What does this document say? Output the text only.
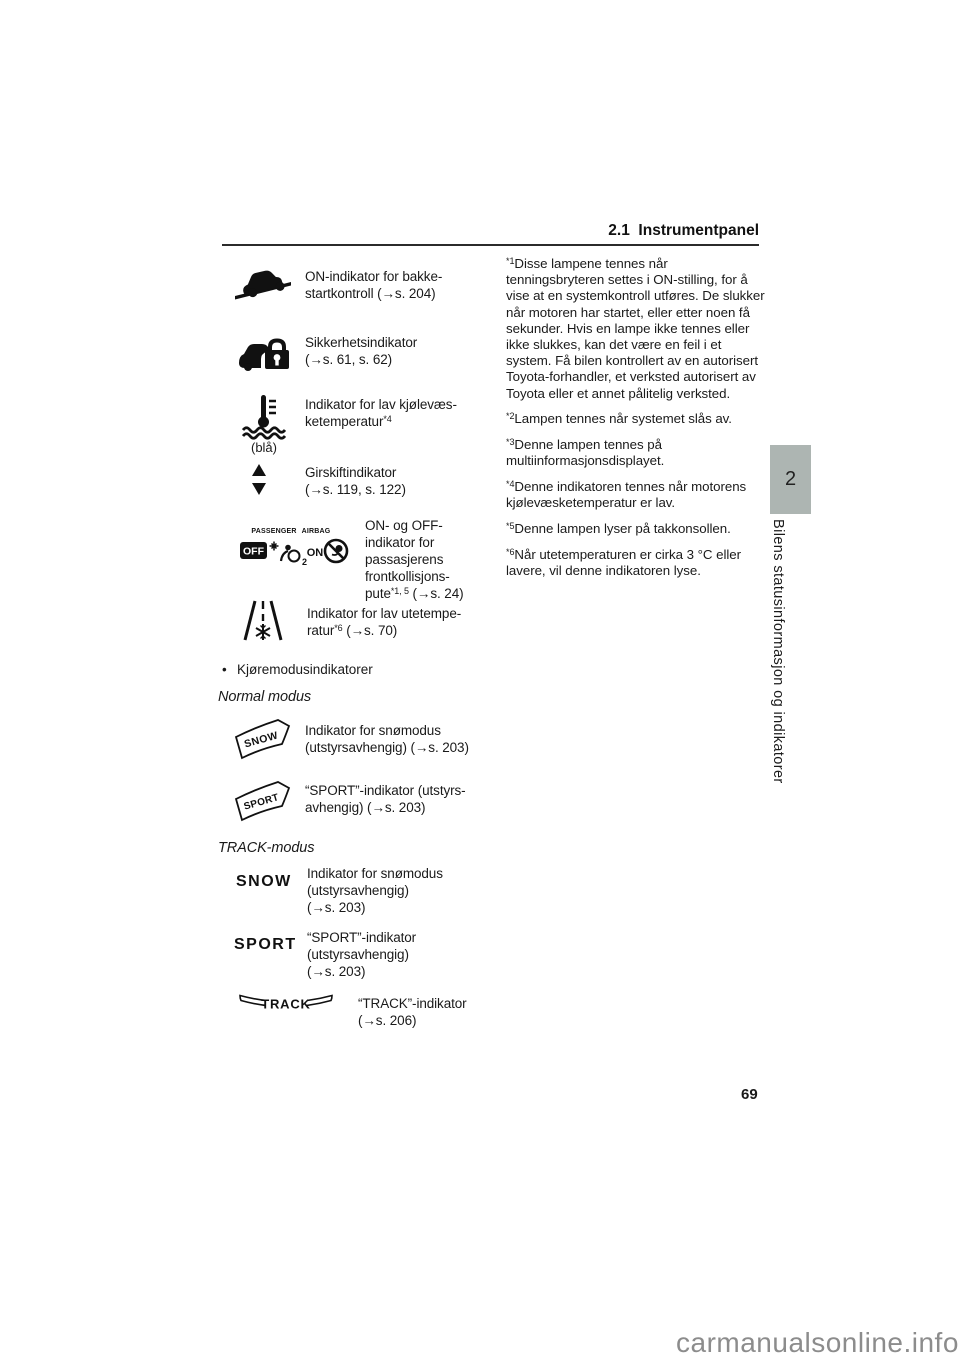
2.1  Instrumentpanel
ON-indikator for bakke-
startkontroll (→s. 204)
Sikkerhetsindikator
(→s. 61, s. 62)
(blå)
Indikator for lav kjølevæs-
ketemperatur$^{*4}$
Girskiftindikator
(→s. 119, s. 122)
PASSENGER AIRBAG
OFF
2
ON
ON- og OFF-
indikator for
passasjerens
frontkollisjons-
pute$^{*1, 5}$ (→s. 24)
Indikator for lav utetempe-
ratur$^{*6}$ (→s. 70)
• Kjøremodusindikatorer
Normal modus
SNOW Indikator for snømodus
(utstyrsavhengig) (→s. 203)
SPORT
“SPORT”-indikator (utstyrs-
avhengig) (→s. 203)
TRACK-modus
SNOW Indikator for snømodus
(utstyrsavhengig)
(→s. 203)
SPORT “SPORT”-indikator
(utstyrsavhengig)
(→s. 203)
TRACK	“TRACK”-indikator
(→s. 206)

$^{*1}$Disse lampene tennes når tenningsbryteren settes i ON-stilling, for å vise at en systemkontroll utføres. De slukker når motoren har startet, eller etter noen få sekunder. Hvis en lampe ikke tennes eller ikke slukkes, kan det være en feil i et system. Få bilen kontrollert av en autorisert Toyota-forhandler, et verksted autorisert av Toyota eller et annet pålitelig verksted.

$^{*2}$Lampen tennes når systemet slås av.

$^{*3}$Denne lampen tennes på multiinformasjonsdisplayet.

$^{*4}$Denne indikatoren tennes når motorens kjølevæsketemperatur er lav.

$^{*5}$Denne lampen lyser på takkonsollen.

$^{*6}$Når utetemperaturen er cirka 3 °C eller lavere, vil denne indikatoren lyse.

2
Bilens statusinformasjon og indikatorer
69
carmanualsonline.info
